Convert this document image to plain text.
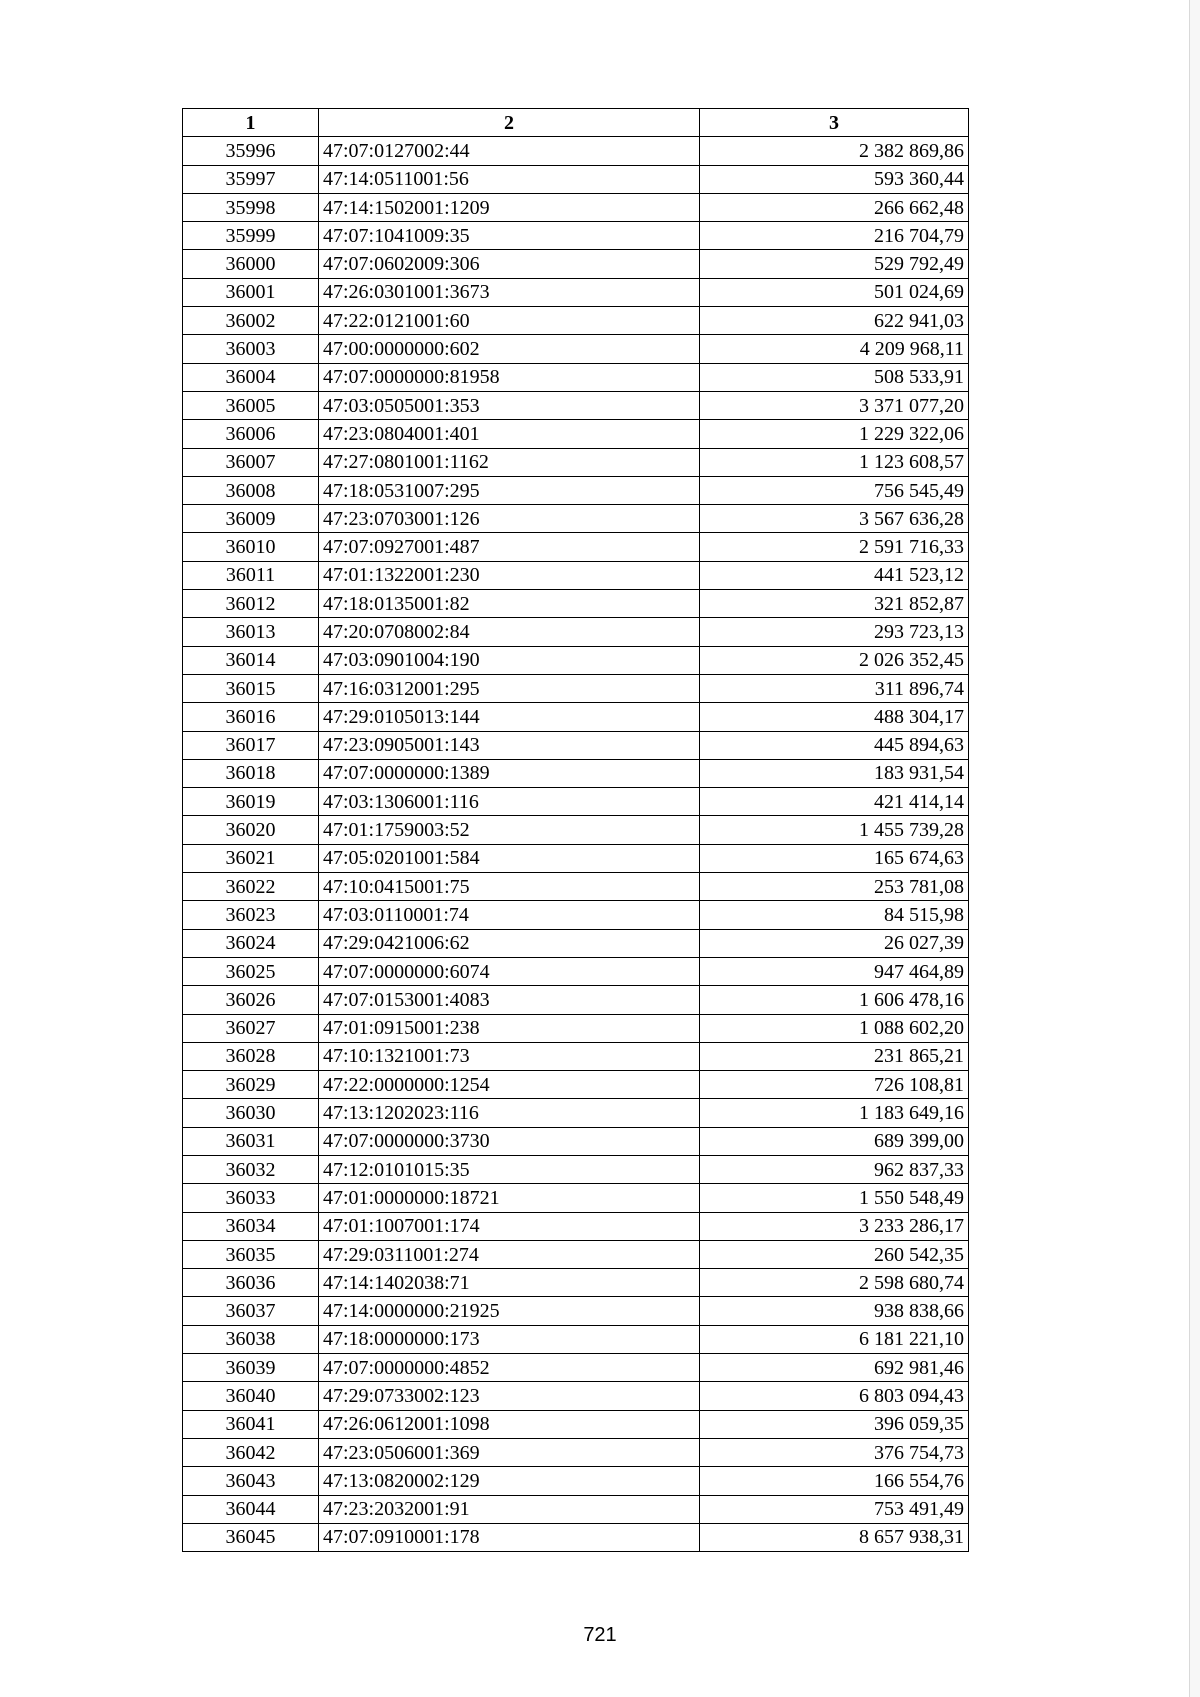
1	2	3
35996	47:07:0127002:44	2 382 869,86
35997	47:14:0511001:56	593 360,44
35998	47:14:1502001:1209	266 662,48
35999	47:07:1041009:35	216 704,79
36000	47:07:0602009:306	529 792,49
36001	47:26:0301001:3673	501 024,69
36002	47:22:0121001:60	622 941,03
36003	47:00:0000000:602	4 209 968,11
36004	47:07:0000000:81958	508 533,91
36005	47:03:0505001:353	3 371 077,20
36006	47:23:0804001:401	1 229 322,06
36007	47:27:0801001:1162	1 123 608,57
36008	47:18:0531007:295	756 545,49
36009	47:23:0703001:126	3 567 636,28
36010	47:07:0927001:487	2 591 716,33
36011	47:01:1322001:230	441 523,12
36012	47:18:0135001:82	321 852,87
36013	47:20:0708002:84	293 723,13
36014	47:03:0901004:190	2 026 352,45
36015	47:16:0312001:295	311 896,74
36016	47:29:0105013:144	488 304,17
36017	47:23:0905001:143	445 894,63
36018	47:07:0000000:1389	183 931,54
36019	47:03:1306001:116	421 414,14
36020	47:01:1759003:52	1 455 739,28
36021	47:05:0201001:584	165 674,63
36022	47:10:0415001:75	253 781,08
36023	47:03:0110001:74	84 515,98
36024	47:29:0421006:62	26 027,39
36025	47:07:0000000:6074	947 464,89
36026	47:07:0153001:4083	1 606 478,16
36027	47:01:0915001:238	1 088 602,20
36028	47:10:1321001:73	231 865,21
36029	47:22:0000000:1254	726 108,81
36030	47:13:1202023:116	1 183 649,16
36031	47:07:0000000:3730	689 399,00
36032	47:12:0101015:35	962 837,33
36033	47:01:0000000:18721	1 550 548,49
36034	47:01:1007001:174	3 233 286,17
36035	47:29:0311001:274	260 542,35
36036	47:14:1402038:71	2 598 680,74
36037	47:14:0000000:21925	938 838,66
36038	47:18:0000000:173	6 181 221,10
36039	47:07:0000000:4852	692 981,46
36040	47:29:0733002:123	6 803 094,43
36041	47:26:0612001:1098	396 059,35
36042	47:23:0506001:369	376 754,73
36043	47:13:0820002:129	166 554,76
36044	47:23:2032001:91	753 491,49
36045	47:07:0910001:178	8 657 938,31
721
